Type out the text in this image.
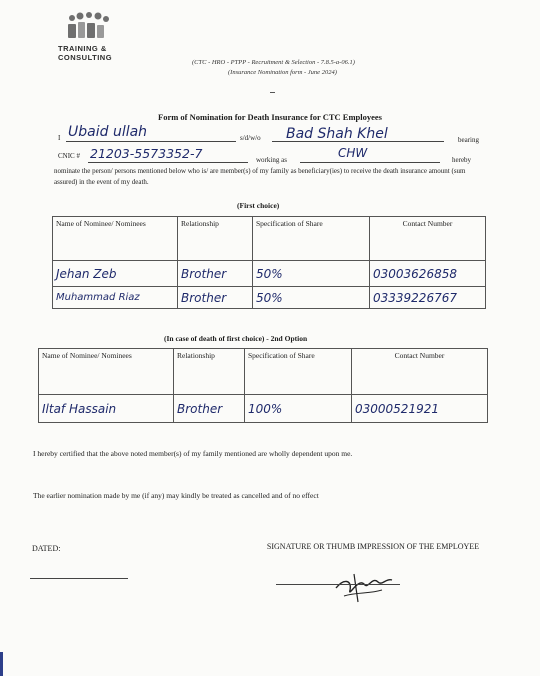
TRAINING &
CONSULTING
(CTC - HRO - PTPP - Recruitment & Selection - 7.8.5-a-06.1)
(Insurance Nomination form - June 2024)
Form of Nomination for Death Insurance for CTC Employees
I Ubaid ullah	s/d/w/o Bad Shah Khel	bearing
CNIC # 21203-5573352-7	working as	CHW	hereby
nominate the person/ persons mentioned below who is/ are member(s) of my family as beneficiary(ies) to receive the death insurance amount (sum assured) in the event of my death.
(First choice)
Name of Nominee/ Nominees	Relationship	Specification of Share	Contact Number
Jehan Zeb	Brother	50%	03003626858
Muhammad Riaz	Brother	50%	03339226767
(In case of death of first choice) - 2nd Option
Name of Nominee/ Nominees	Relationship	Specification of Share	Contact Number
Iltaf Hassain	Brother	100%	03000521921
I hereby certified that the above noted member(s) of my family mentioned are wholly dependent upon me.
The earlier nomination made by me (if any) may kindly be treated as cancelled and of no effect
DATED:	SIGNATURE OR THUMB IMPRESSION OF THE EMPLOYEE
